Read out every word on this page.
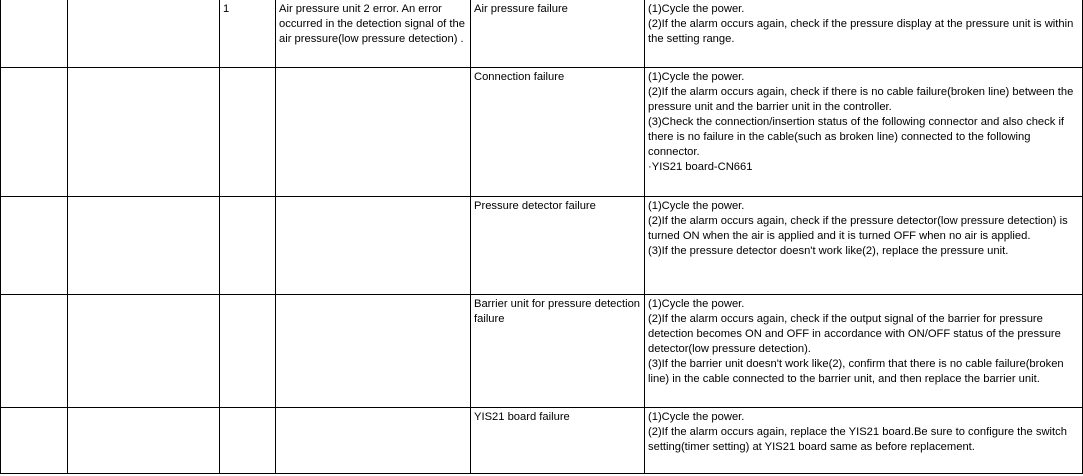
		1	Air pressure unit 2 error. An error occurred in the detection signal of the air pressure(low pressure detection) .	Air pressure failure	(1)Cycle the power.
(2)If the alarm occurs again, check if the pressure display at the pressure unit is within the setting range.

				Connection failure	(1)Cycle the power.
(2)If the alarm occurs again, check if there is no cable failure(broken line) between the pressure unit and the barrier unit in the controller.
(3)Check the connection/insertion status of the following connector and also check if there is no failure in the cable(such as broken line) connected to the following connector.
·YIS21 board-CN661

				Pressure detector failure	(1)Cycle the power.
(2)If the alarm occurs again, check if the pressure detector(low pressure detection) is turned ON when the air is applied and it is turned OFF when no air is applied.
(3)If the pressure detector doesn't work like(2), replace the pressure unit.

				Barrier unit for pressure detection failure	(1)Cycle the power.
(2)If the alarm occurs again, check if the output signal of the barrier for pressure detection becomes ON and OFF in accordance with ON/OFF status of the pressure detector(low pressure detection).
(3)If the barrier unit doesn't work like(2), confirm that there is no cable failure(broken line) in the cable connected to the barrier unit, and then replace the barrier unit.

				YIS21 board failure	(1)Cycle the power.
(2)If the alarm occurs again, replace the YIS21 board.Be sure to configure the switch setting(timer setting) at YIS21 board same as before replacement.
